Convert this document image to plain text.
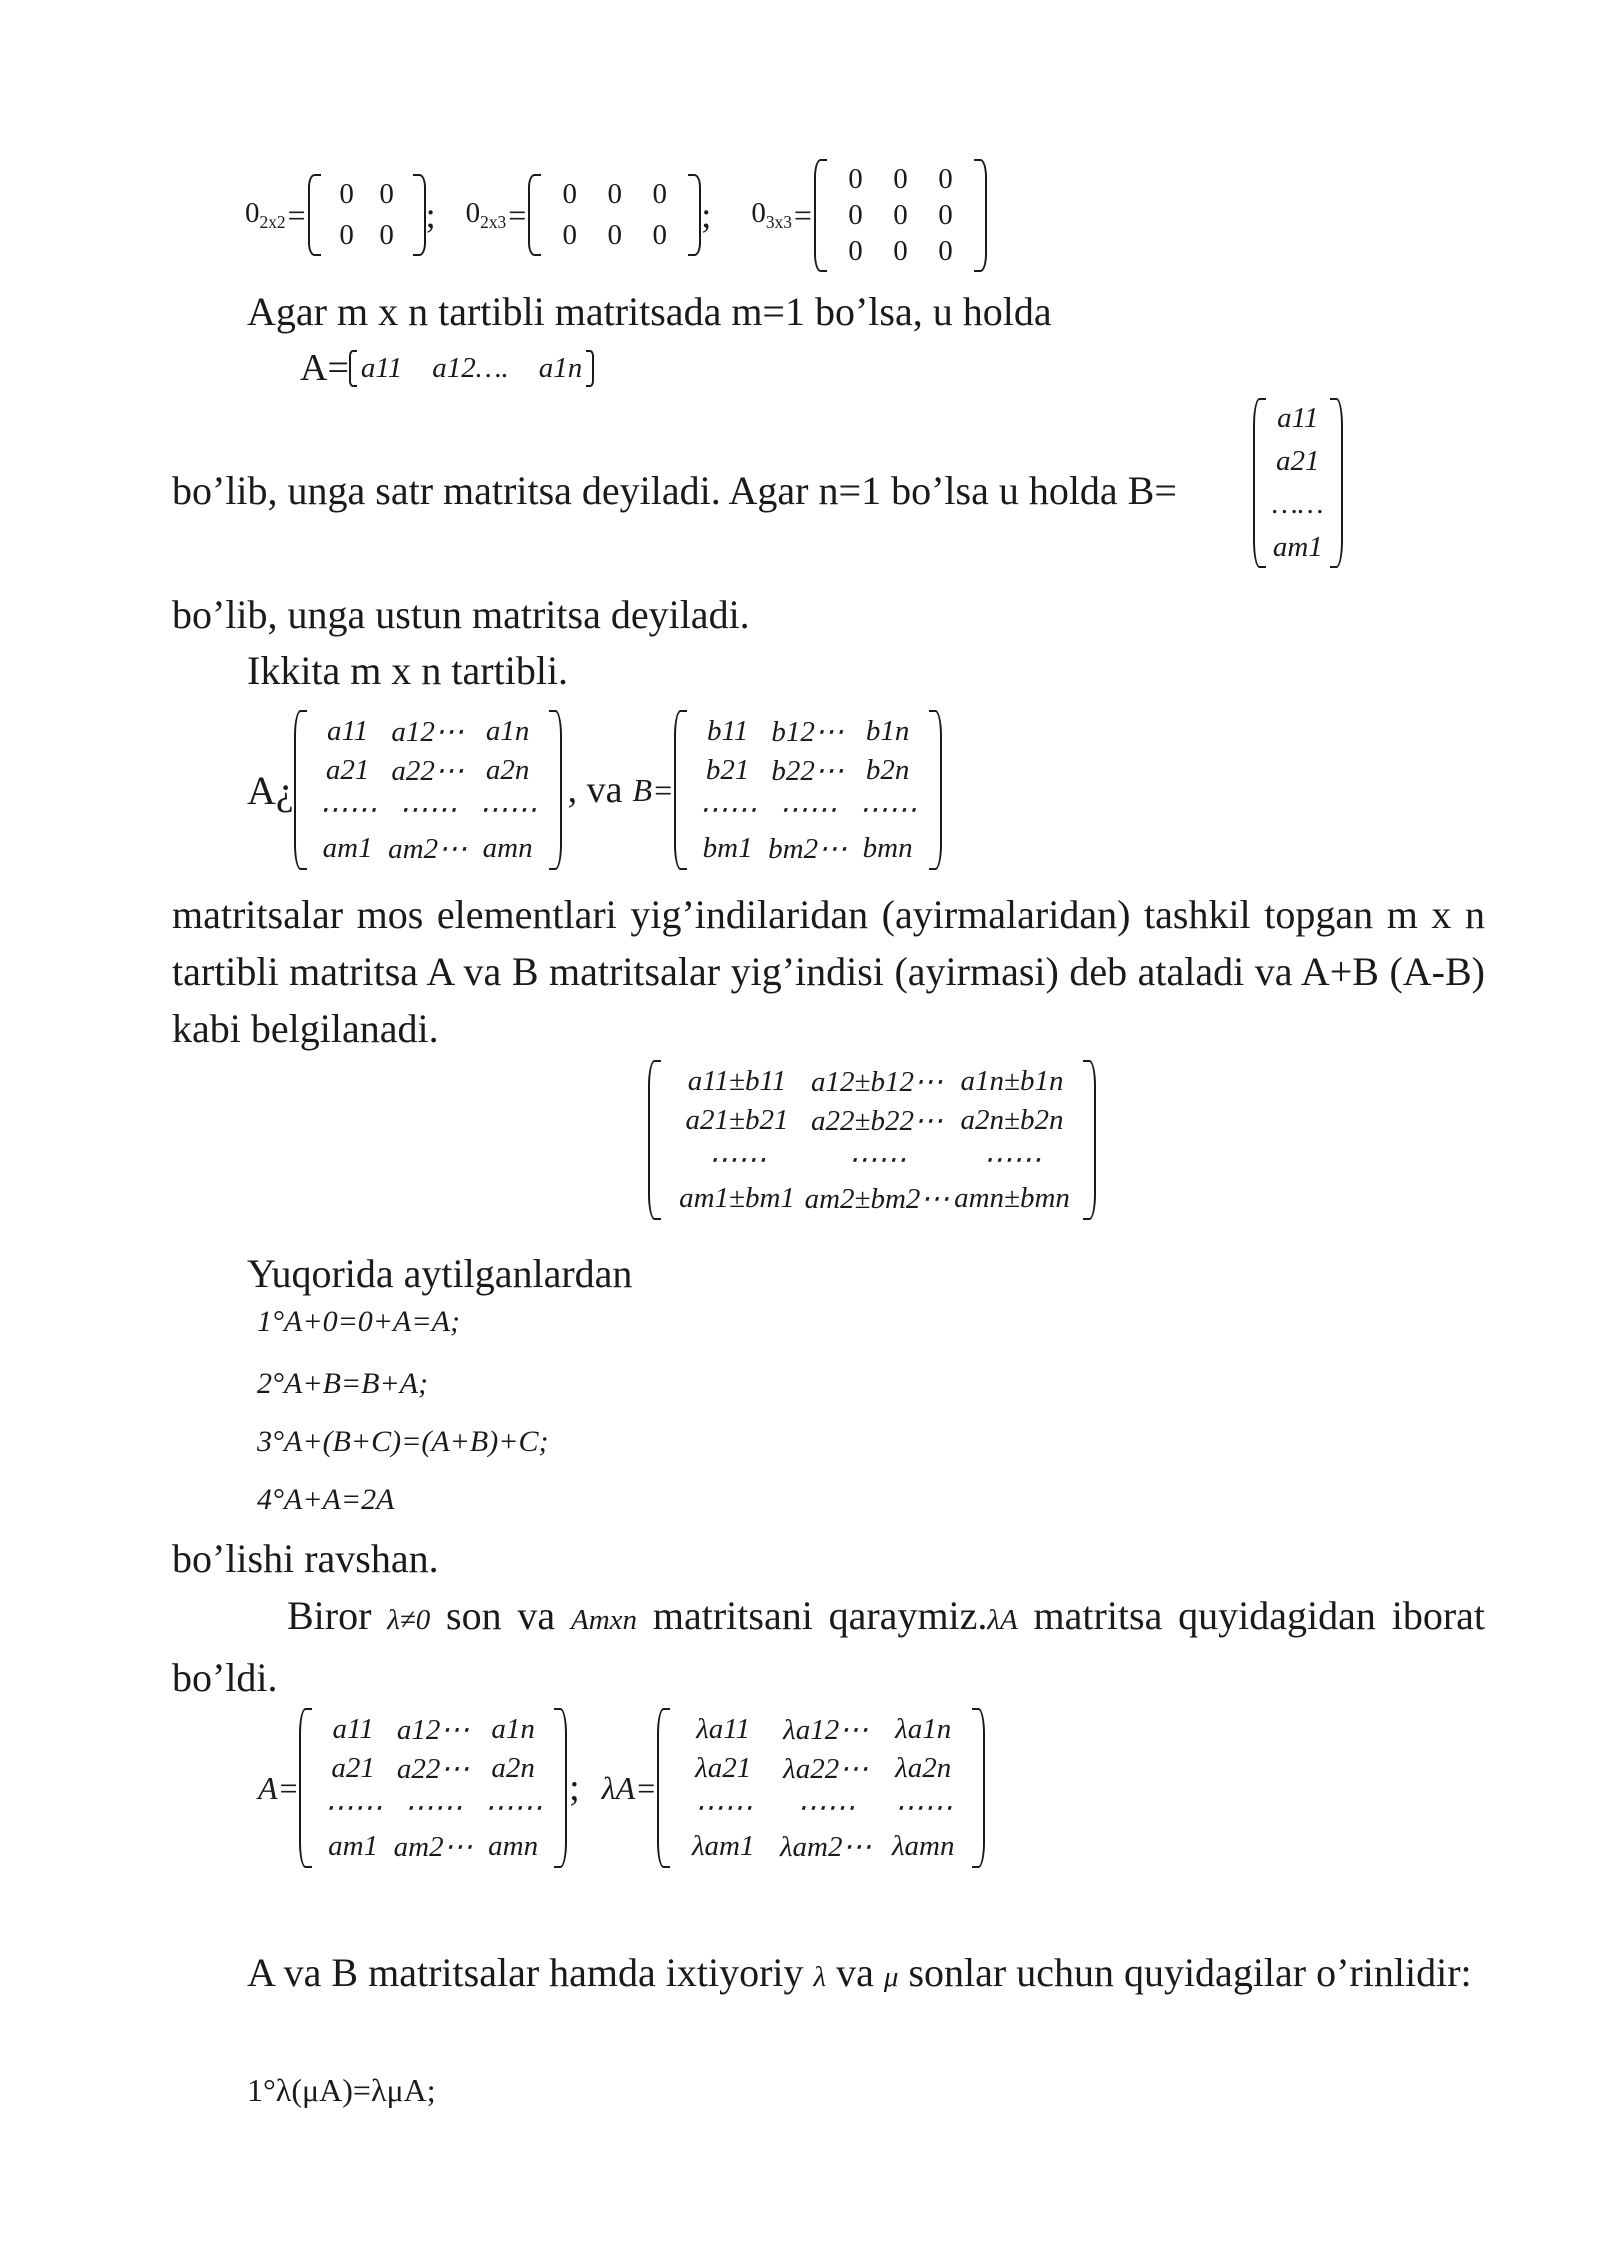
$0_{2x2}$ =
0 0
0 0 ; $0_{2x3}$ =
0 0 0
0 0 0 ; $0_{3x3}$ =
0 0 0
0 0 0
0 0 0
Agar m x n tartibli matritsada m=1 bo’lsa, u holda
A= a11 a12…. a1n
bo’lib, unga satr matritsa deyiladi. Agar n=1 bo’lsa u holda B=
a11
a21
……
am1
bo’lib, unga ustun matritsa deyiladi.
Ikkita m x n tartibli.
A¿
a11 a12⋯ a1n
a21 a22⋯ a2n
⋯⋯ ⋯⋯ ⋯⋯
am1 am2⋯ amn
, va B=
b11 b12⋯ b1n
b21 b22⋯ b2n
⋯⋯ ⋯⋯ ⋯⋯
bm1 bm2⋯ bmn
matritsalar mos elementlari yig’indilaridan (ayirmalaridan) tashkil topgan m x n tartibli matritsa A va B matritsalar yig’indisi (ayirmasi) deb ataladi va A+B (A-B) kabi belgilanadi.
a11±b11 a12±b12⋯ a1n±b1n
a21±b21 a22±b22⋯ a2n±b2n
⋯⋯	⋯⋯	⋯⋯
am1±bm1 am2±bm2⋯ amn±bmn
Yuqorida aytilganlardan
1°A+0=0+A=A;
2°A+B=B+A;
3°A+(B+C)=(A+B)+C;
4°A+A=2A
bo’lishi ravshan.
Biror λ≠0 son va Amxn matritsani qaraymiz.λA matritsa quyidagidan iborat bo’ldi.
A=
a11 a12⋯ a1n
a21 a22⋯ a2n
⋯⋯ ⋯⋯ ⋯⋯
am1 am2⋯ amn
; λA=
λa11 λa12⋯ λa1n
λa21 λa22⋯ λa2n
⋯⋯ ⋯⋯ ⋯⋯
λam1 λam2⋯ λamn
A va B matritsalar hamda ixtiyoriy λ va μ sonlar uchun quyidagilar o’rinlidir:
1°λ(μA)=λμA;
